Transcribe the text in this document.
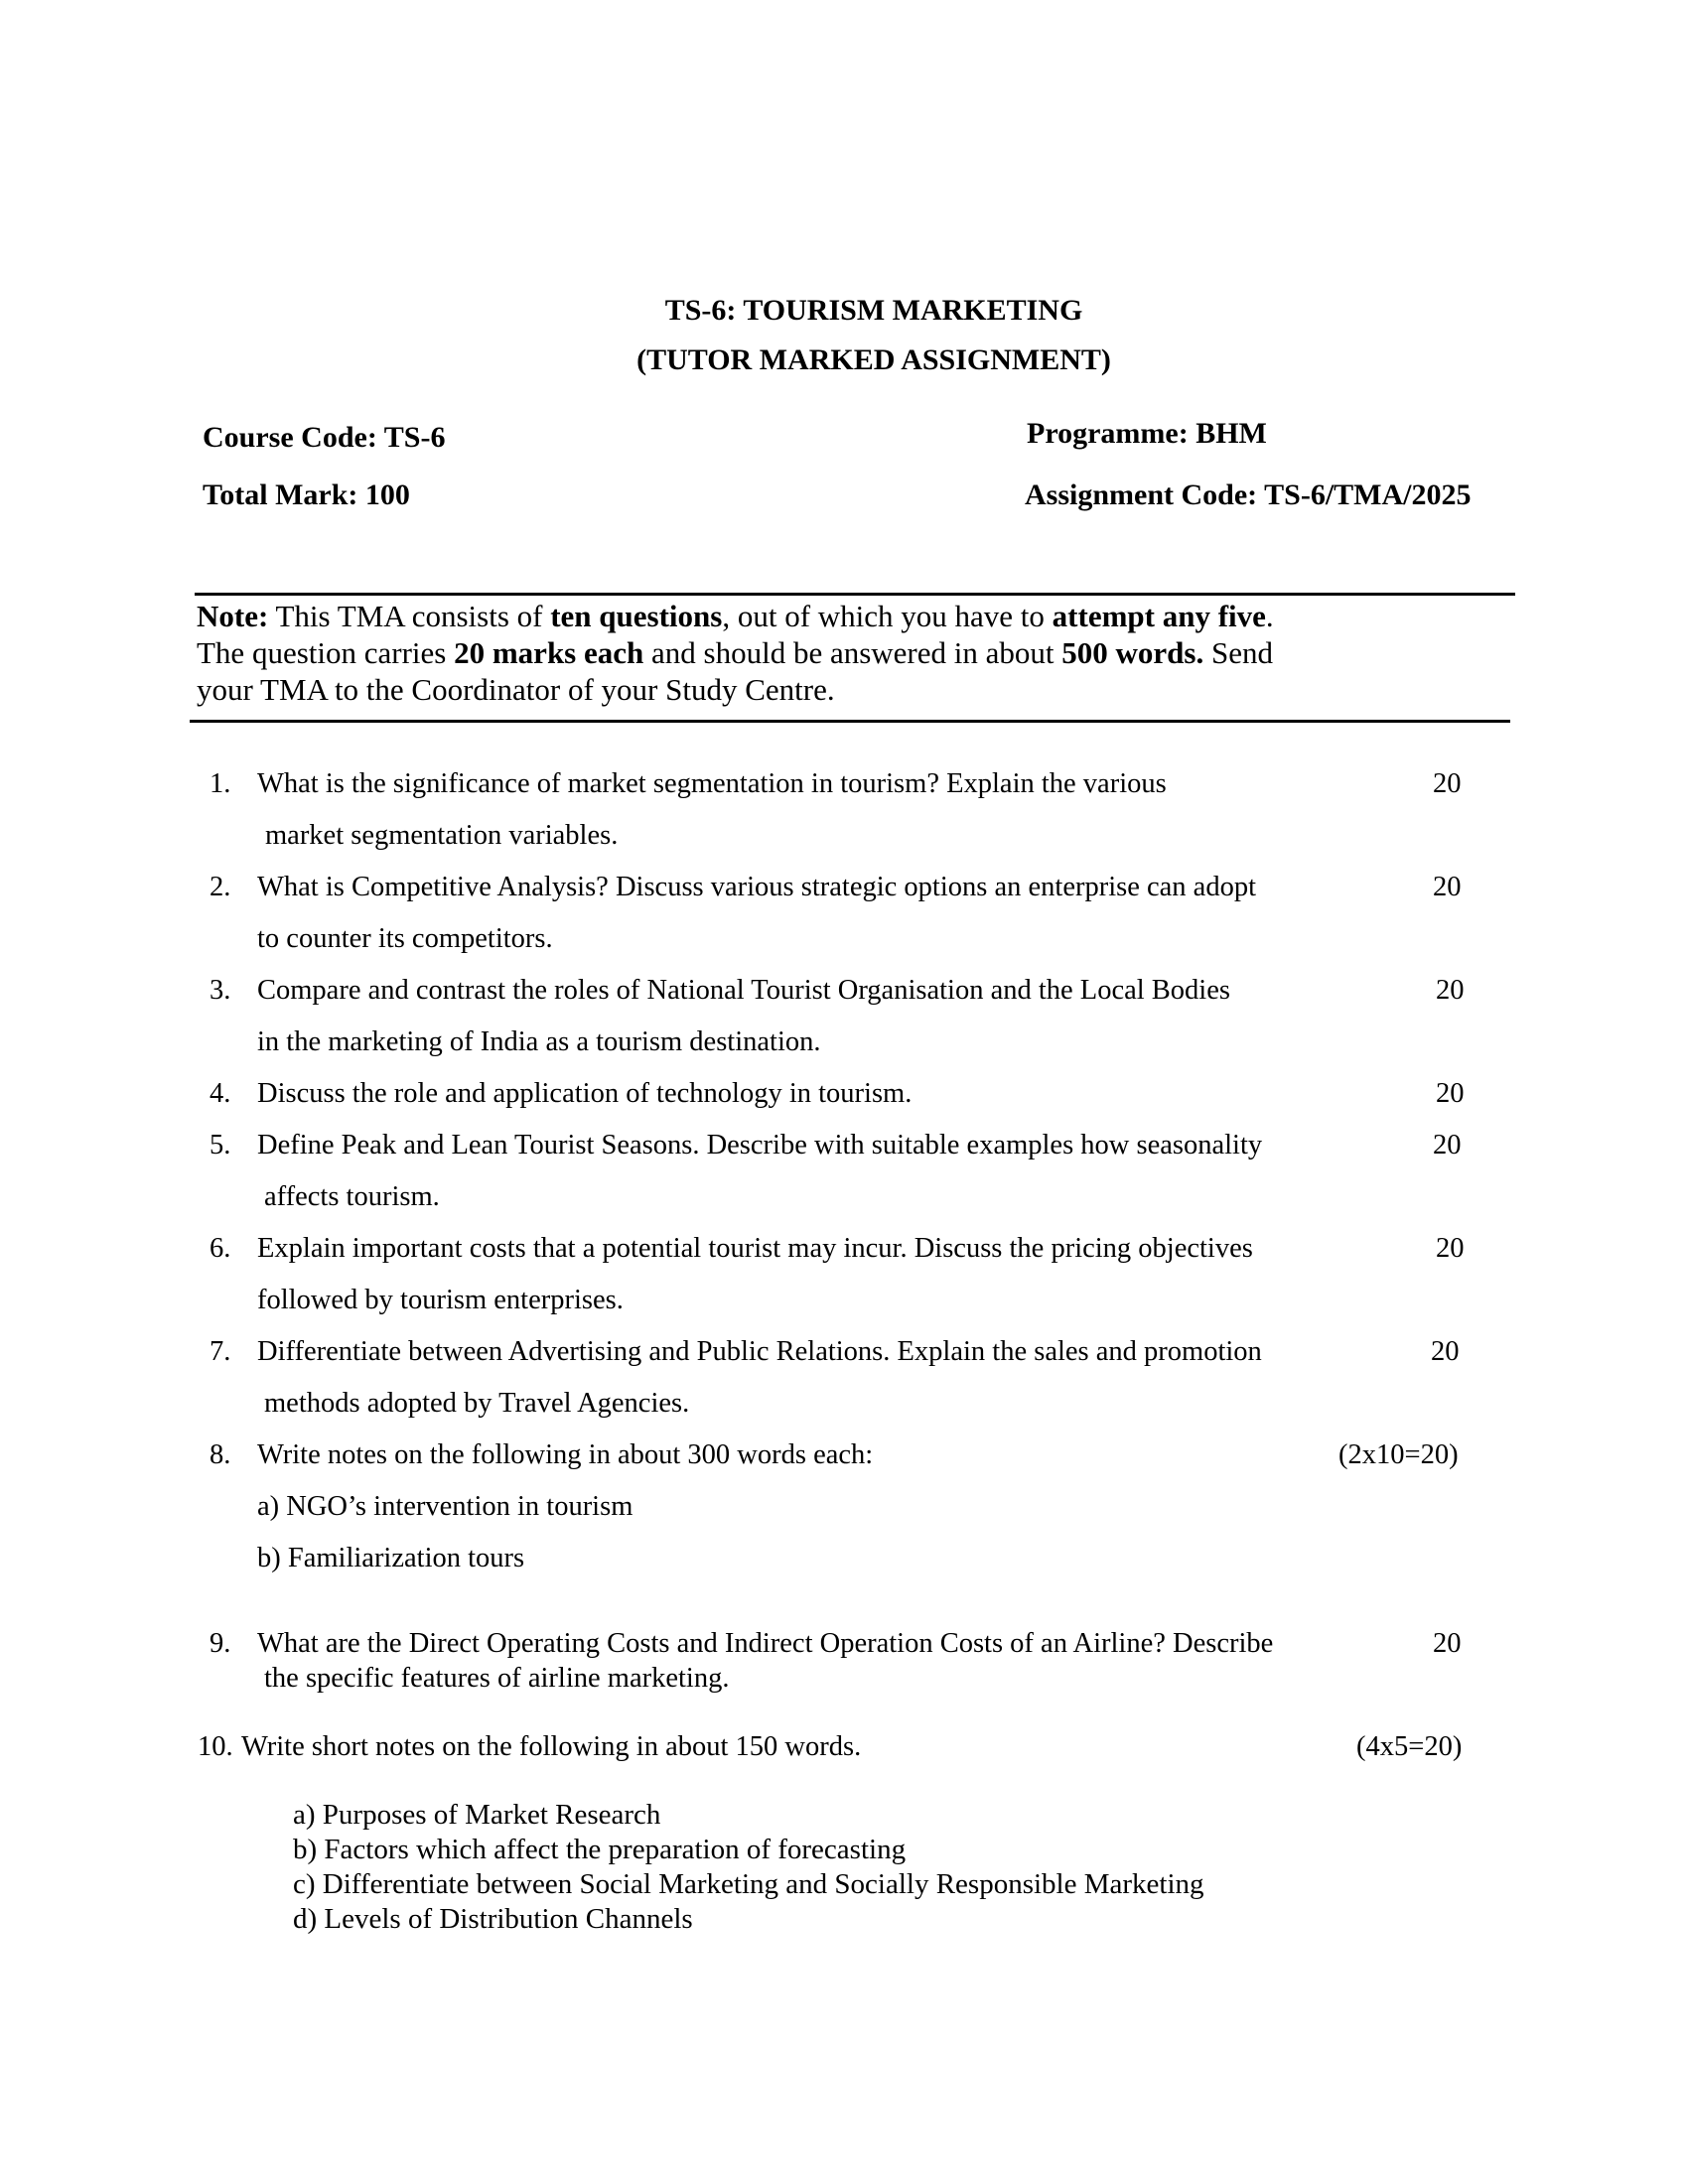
TS-6: TOURISM MARKETING
(TUTOR MARKED ASSIGNMENT)
Course Code: TS-6
Total Mark: 100
Programme: BHM
Assignment Code: TS-6/TMA/2025
Note: This TMA consists of ten questions, out of which you have to attempt any five.
The question carries 20 marks each and should be answered in about 500 words. Send
your TMA to the Coordinator of your Study Centre.
1. What is the significance of market segmentation in tourism? Explain the various
market segmentation variables.
20
2. What is Competitive Analysis? Discuss various strategic options an enterprise can adopt
to counter its competitors.
20
3. Compare and contrast the roles of National Tourist Organisation and the Local Bodies
in the marketing of India as a tourism destination.
20
4. Discuss the role and application of technology in tourism.	20
5. Define Peak and Lean Tourist Seasons. Describe with suitable examples how seasonality
affects tourism.
20
6. Explain important costs that a potential tourist may incur. Discuss the pricing objectives
followed by tourism enterprises.
20
7. Differentiate between Advertising and Public Relations. Explain the sales and promotion
methods adopted by Travel Agencies.
20
8. Write notes on the following in about 300 words each:	(2x10=20)
a) NGO’s intervention in tourism
b) Familiarization tours
9. What are the Direct Operating Costs and Indirect Operation Costs of an Airline? Describe
the specific features of airline marketing.
20
10. Write short notes on the following in about 150 words.	(4x5=20)
a) Purposes of Market Research
b) Factors which affect the preparation of forecasting
c) Differentiate between Social Marketing and Socially Responsible Marketing
d) Levels of Distribution Channels
